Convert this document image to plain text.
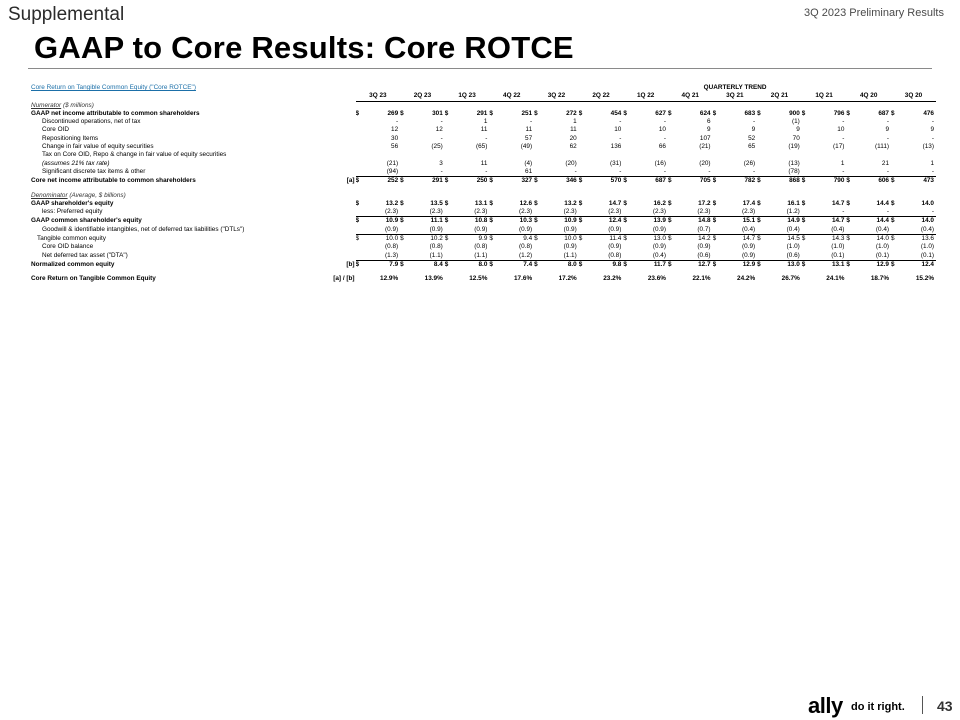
Supplemental	3Q 2023 Preliminary Results
GAAP to Core Results: Core ROTCE
Core Return on Tangible Common Equity ("Core ROTCE")										QUARTERLY TREND																	
		3Q 23		2Q 23		1Q 23		4Q 22		3Q 22		2Q 22		1Q 22		4Q 21		3Q 21		2Q 21		1Q 21		4Q 20		3Q 20	
Numerator ($ millions)																											
GAAP net income attributable to common shareholders		$	269	$	301	$	291	$	251	$	272	$	454	$	627	$	624	$	683	$	900	$	796	$	687	$	476
Discontinued operations, net of tax			-		-		1		-		1		-		-		6		-		(1)		-		-		-
Core OID			12		12		11		11		11		10		10		9		9		9		10		9		9
Repositioning Items			30		-		-		57		20		-		-		107		52		70		-		-		-
Change in fair value of equity securities			56		(25)		(65)		(49)		62		136		66		(21)		65		(19)		(17)		(111)		(13)
Tax on Core OID, Repo & change in fair value of equity securities																											
(assumes 21% tax rate)			(21)		3		11		(4)		(20)		(31)		(16)		(20)		(26)		(13)		1		21		1
Significant discrete tax items & other			(94)		-		-		61		-		-		-		-		-		(78)		-		-		-
Core net income attributable to common shareholders	[a]	$	252	$	291	$	250	$	327	$	346	$	570	$	687	$	705	$	782	$	868	$	790	$	606	$	473

Denominator (Average, $ billions)																											
GAAP shareholder's equity		$	13.2	$	13.5	$	13.1	$	12.6	$	13.2	$	14.7	$	16.2	$	17.2	$	17.4	$	16.1	$	14.7	$	14.4	$	14.0
less: Preferred equity			(2.3)		(2.3)		(2.3)		(2.3)		(2.3)		(2.3)		(2.3)		(2.3)		(2.3)		(1.2)		-		-		-
GAAP common shareholder's equity		$	10.9	$	11.1	$	10.8	$	10.3	$	10.9	$	12.4	$	13.9	$	14.8	$	15.1	$	14.9	$	14.7	$	14.4	$	14.0
Goodwill & identifiable intangibles, net of deferred tax liabilities ("DTLs")			(0.9)		(0.9)		(0.9)		(0.9)		(0.9)		(0.9)		(0.9)		(0.7)		(0.4)		(0.4)		(0.4)		(0.4)		(0.4)
Tangible common equity		$	10.0	$	10.2	$	9.9	$	9.4	$	10.0	$	11.4	$	13.0	$	14.2	$	14.7	$	14.5	$	14.3	$	14.0	$	13.6
Core OID balance			(0.8)		(0.8)		(0.8)		(0.8)		(0.9)		(0.9)		(0.9)		(0.9)		(0.9)		(1.0)		(1.0)		(1.0)		(1.0)
Net deferred tax asset ("DTA")			(1.3)		(1.1)		(1.1)		(1.2)		(1.1)		(0.8)		(0.4)		(0.6)		(0.9)		(0.6)		(0.1)		(0.1)		(0.1)
Normalized common equity	[b]	$	7.9	$	8.4	$	8.0	$	7.4	$	8.0	$	9.8	$	11.7	$	12.7	$	12.9	$	13.0	$	13.1	$	12.9	$	12.4

Core Return on Tangible Common Equity	[a] / [b]		12.9%		13.9%		12.5%		17.6%		17.2%		23.2%		23.6%		22.1%		24.2%		26.7%		24.1%		18.7%		15.2%
ally do it right. 43
